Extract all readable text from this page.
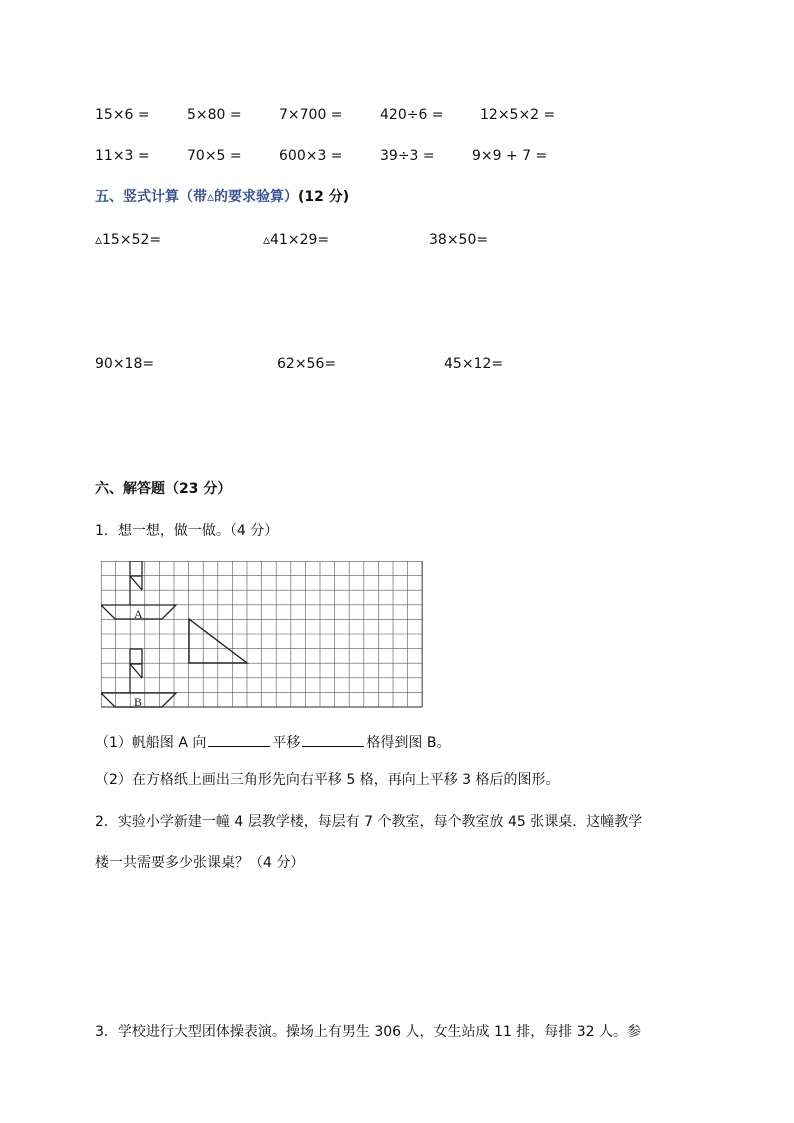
15×6 =	5×80 =	7×700 =	420÷6 =	12×5×2 =
11×3 =	70×5 =	600×3 =	39÷3 =	9×9 + 7 =
五、竖式计算（带▵的要求验算）(12 分)
▵15×52=	▵41×29=	38×50=
90×18=	62×56=	45×12=
六、解答题（23 分）
1．想一想，做一做。（4 分）
A
B
（1）帆船图 A 向	平移	格得到图 B。
（2）在方格纸上画出三角形先向右平移 5 格，再向上平移 3 格后的图形。
2．实验小学新建一幢 4 层教学楼，每层有 7 个教室，每个教室放 45 张课桌．这幢教学
楼一共需要多少张课桌？（4 分）
3．学校进行大型团体操表演。操场上有男生 306 人，女生站成 11 排，每排 32 人。参
